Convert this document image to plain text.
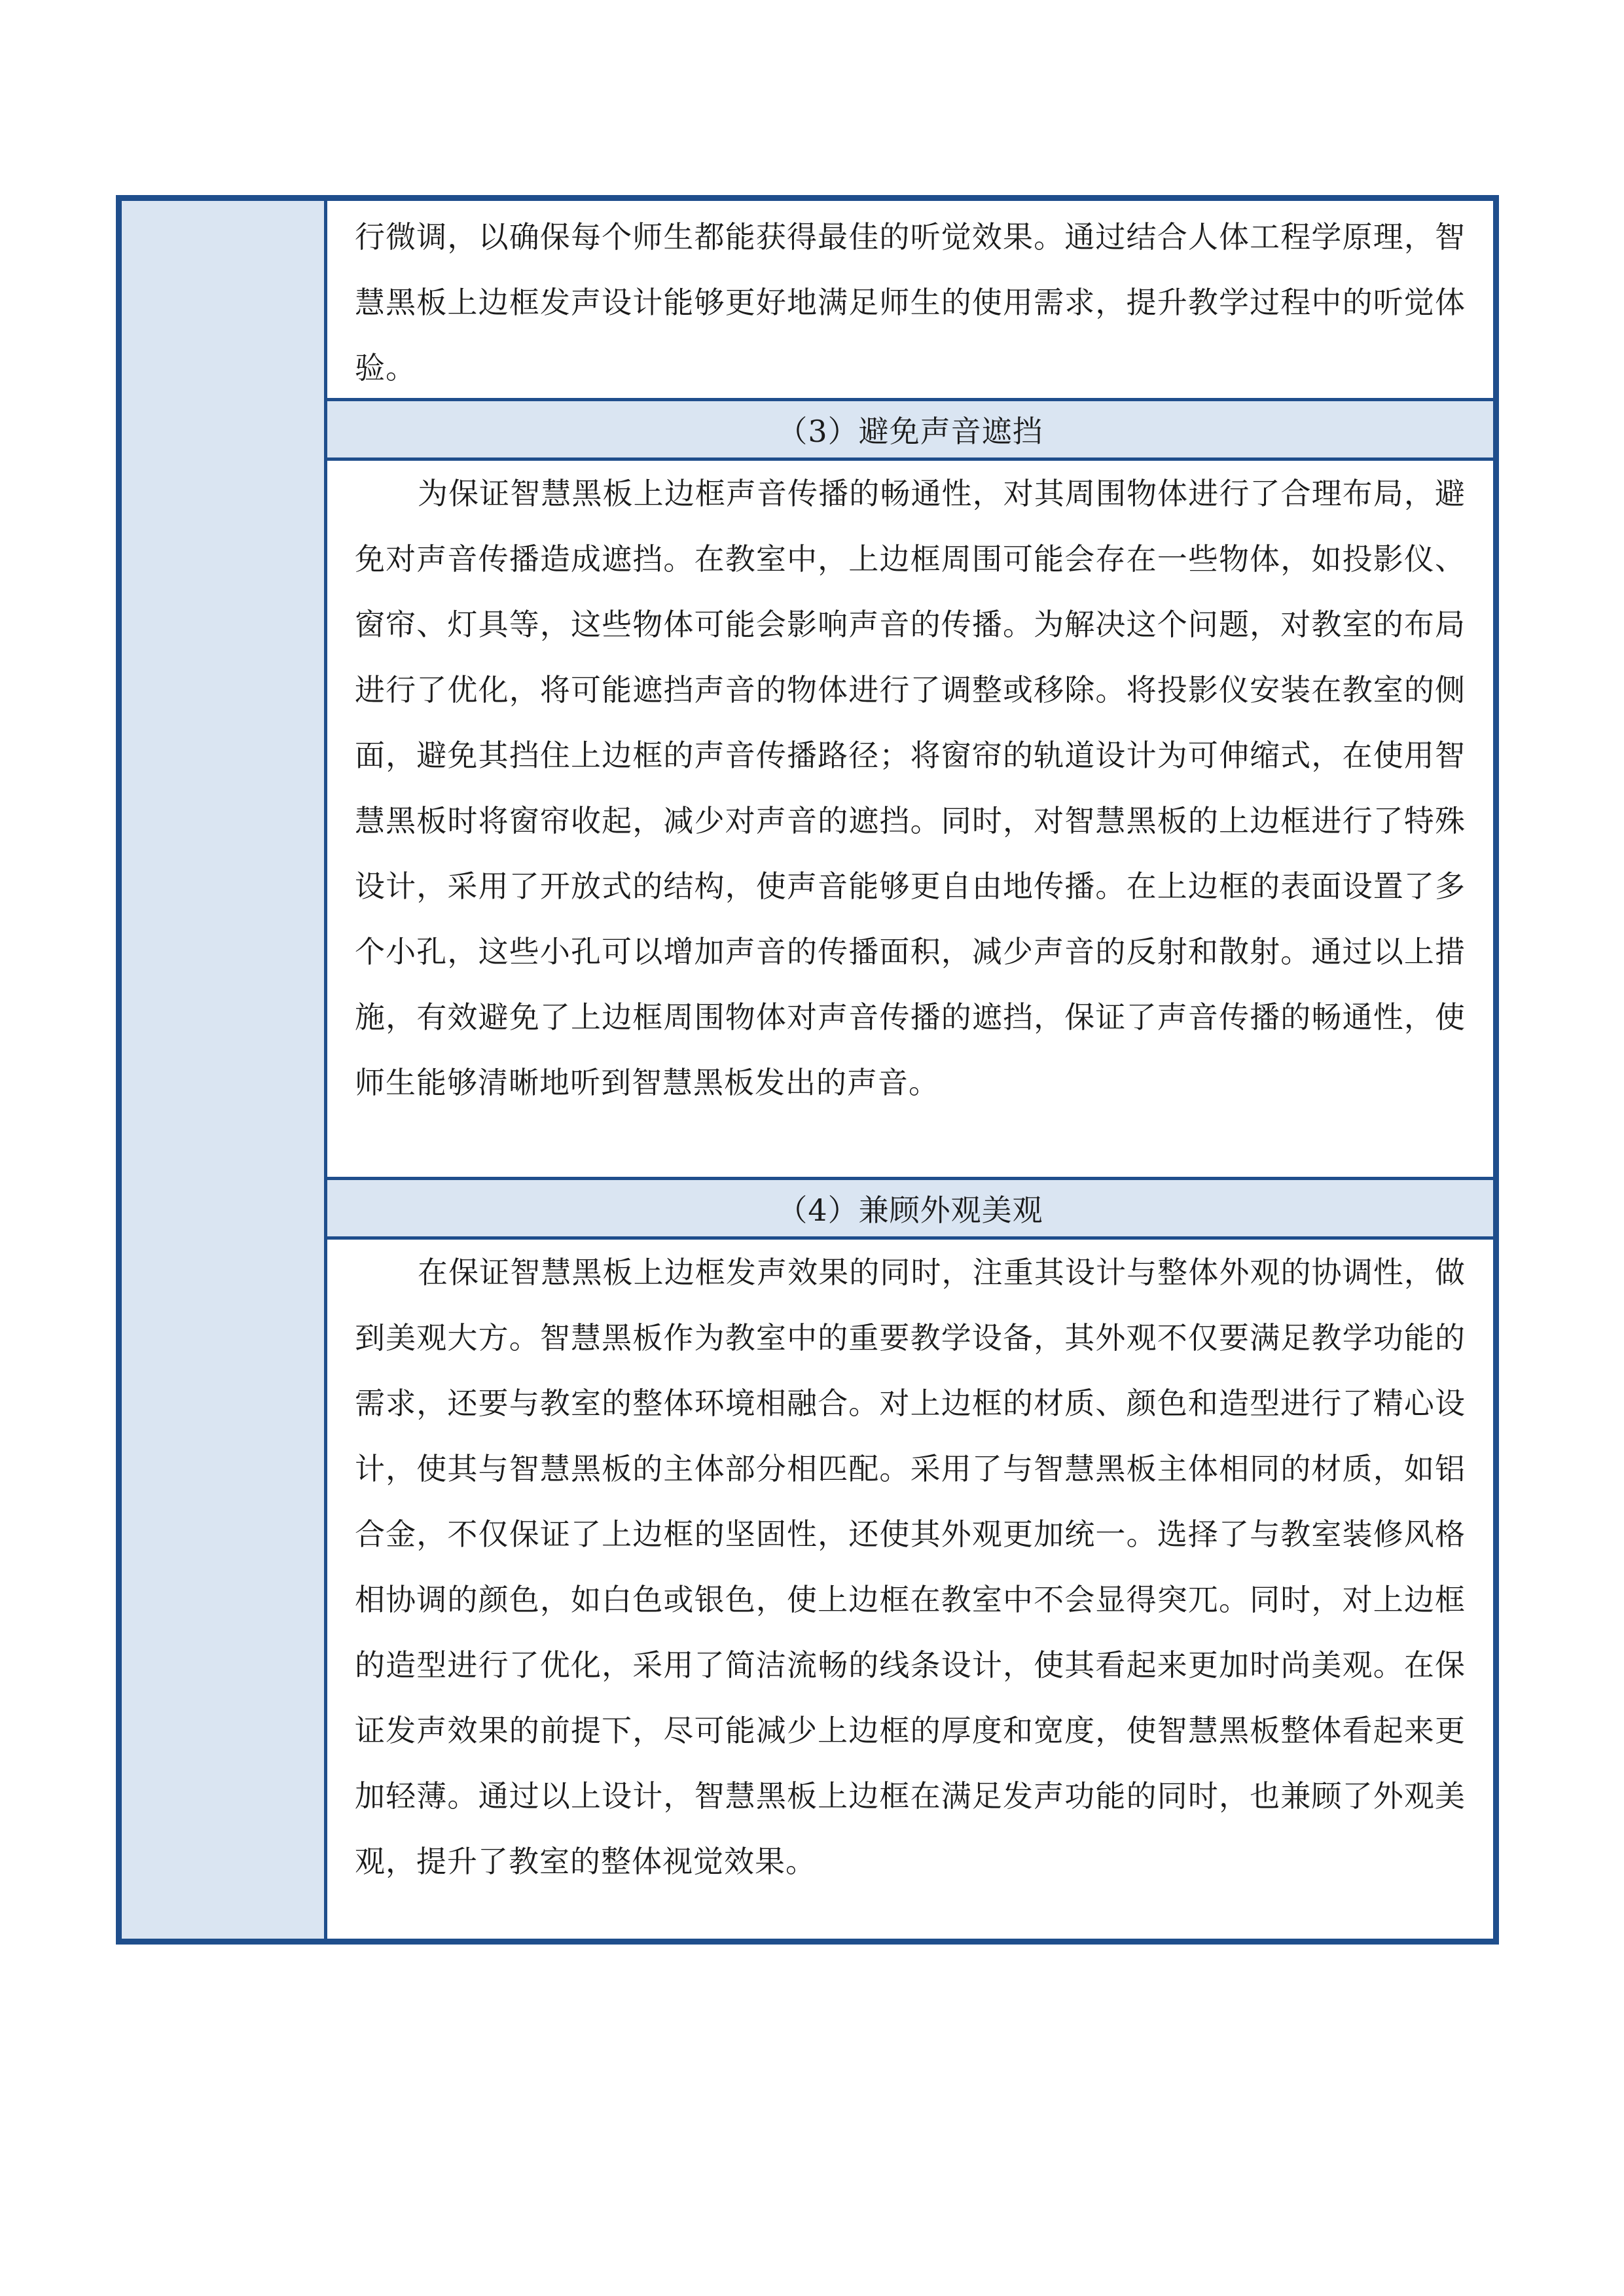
行微调，以确保每个师生都能获得最佳的听觉效果。通过结合人体工程学原理，智慧黑板上边框发声设计能够更好地满足师生的使用需求，提升教学过程中的听觉体验。

（3）避免声音遮挡

为保证智慧黑板上边框声音传播的畅通性，对其周围物体进行了合理布局，避免对声音传播造成遮挡。在教室中，上边框周围可能会存在一些物体，如投影仪、窗帘、灯具等，这些物体可能会影响声音的传播。为解决这个问题，对教室的布局进行了优化，将可能遮挡声音的物体进行了调整或移除。将投影仪安装在教室的侧面，避免其挡住上边框的声音传播路径；将窗帘的轨道设计为可伸缩式，在使用智慧黑板时将窗帘收起，减少对声音的遮挡。同时，对智慧黑板的上边框进行了特殊设计，采用了开放式的结构，使声音能够更自由地传播。在上边框的表面设置了多个小孔，这些小孔可以增加声音的传播面积，减少声音的反射和散射。通过以上措施，有效避免了上边框周围物体对声音传播的遮挡，保证了声音传播的畅通性，使师生能够清晰地听到智慧黑板发出的声音。

（4）兼顾外观美观

在保证智慧黑板上边框发声效果的同时，注重其设计与整体外观的协调性，做到美观大方。智慧黑板作为教室中的重要教学设备，其外观不仅要满足教学功能的需求，还要与教室的整体环境相融合。对上边框的材质、颜色和造型进行了精心设计，使其与智慧黑板的主体部分相匹配。采用了与智慧黑板主体相同的材质，如铝合金，不仅保证了上边框的坚固性，还使其外观更加统一。选择了与教室装修风格相协调的颜色，如白色或银色，使上边框在教室中不会显得突兀。同时，对上边框的造型进行了优化，采用了简洁流畅的线条设计，使其看起来更加时尚美观。在保证发声效果的前提下，尽可能减少上边框的厚度和宽度，使智慧黑板整体看起来更加轻薄。通过以上设计，智慧黑板上边框在满足发声功能的同时，也兼顾了外观美观，提升了教室的整体视觉效果。
